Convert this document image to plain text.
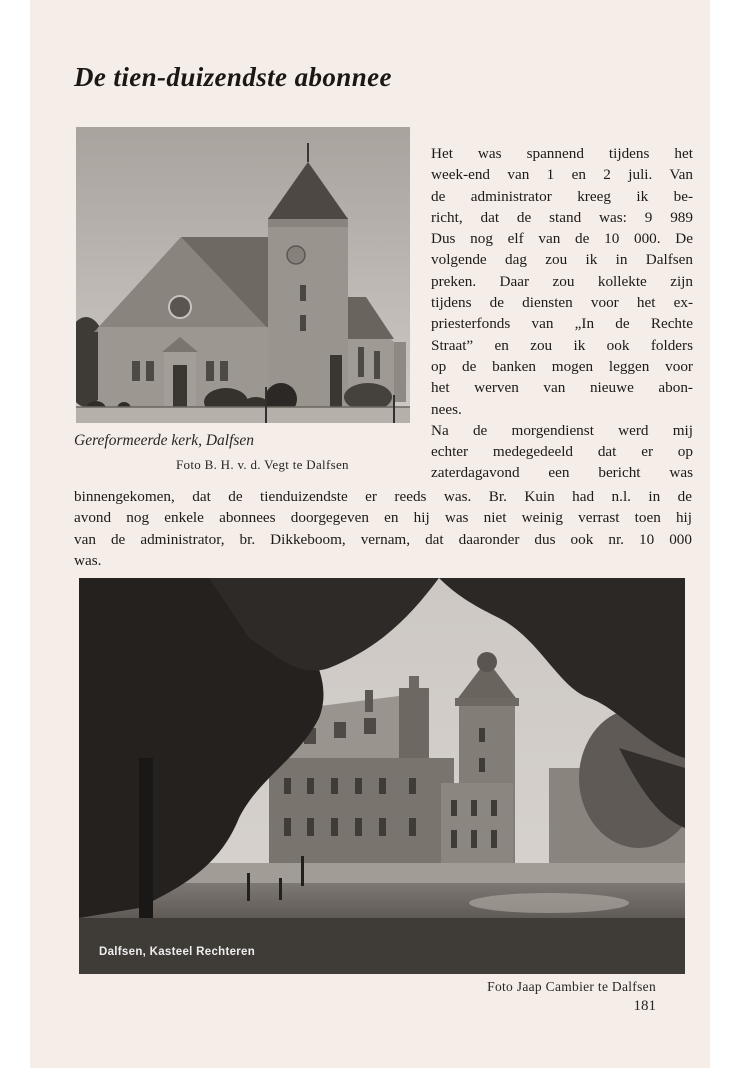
De tien-duizendste abonnee
Gereformeerde kerk, Dalfsen
Foto B. H. v. d. Vegt te Dalfsen
Het was spannend tijdens het
week-end van 1 en 2 juli. Van
de administrator kreeg ik be-
richt, dat de stand was: 9 989
Dus nog elf van de 10 000. De
volgende dag zou ik in Dalfsen
preken. Daar zou kollekte zijn
tijdens de diensten voor het ex-
priesterfonds van „In de Rechte
Straat” en zou ik ook folders
op de banken mogen leggen voor
het werven van nieuwe abon-
nees.
Na de morgendienst werd mij
echter medegedeeld dat er op
zaterdagavond een bericht was
binnengekomen, dat de tienduizendste er reeds was. Br. Kuin had n.l. in de
avond nog enkele abonnees doorgegeven en hij was niet weinig verrast toen hij
van de administrator, br. Dikkeboom, vernam, dat daaronder dus ook nr. 10 000
was.
Dalfsen, Kasteel Rechteren
Foto Jaap Cambier te Dalfsen
181
